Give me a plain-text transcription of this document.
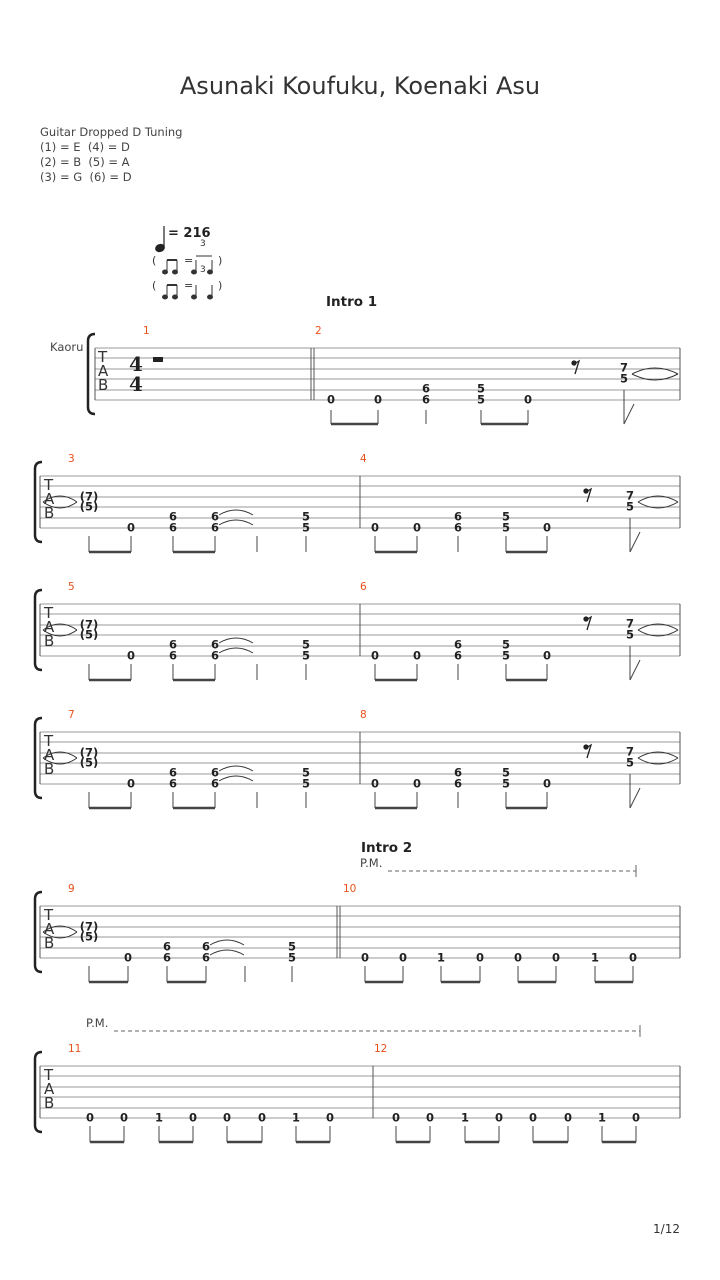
Asunaki Koufuku, Koenaki Asu
Guitar Dropped D Tuning
(1) = E  (4) = D
(2) = B  (5) = A
(3) = G  (6) = D
= 216
Intro 1
Intro 2
P.M.
P.M.
Kaoru
1/12
1	2
3	4
5	6
7	8
9	10
11	12
(	)
=
(	)
=
3
3
T
A
B
T
A
B
T
A
B
T
A
B
T
A
B
T
A
B
4
4
0	0
6
6
5
5	0
7
5
(7)
(5)
0
6
6
6
6
5
5	0	0
6
6
5
5	0
7
5
(7)
(5)
0
6
6
6
6
5
5	0	0
6
6
5
5	0
7
5
(7)
(5)
0
6
6
6
6
5
5	0	0
6
6
5
5	0
7
5
(7)
(5)
0
6
6
6
6
5
5	0	0	1	0	0	0	1	0
0 0 1 0 0 0 1 0	0 0 1 0 0 0 1 0
